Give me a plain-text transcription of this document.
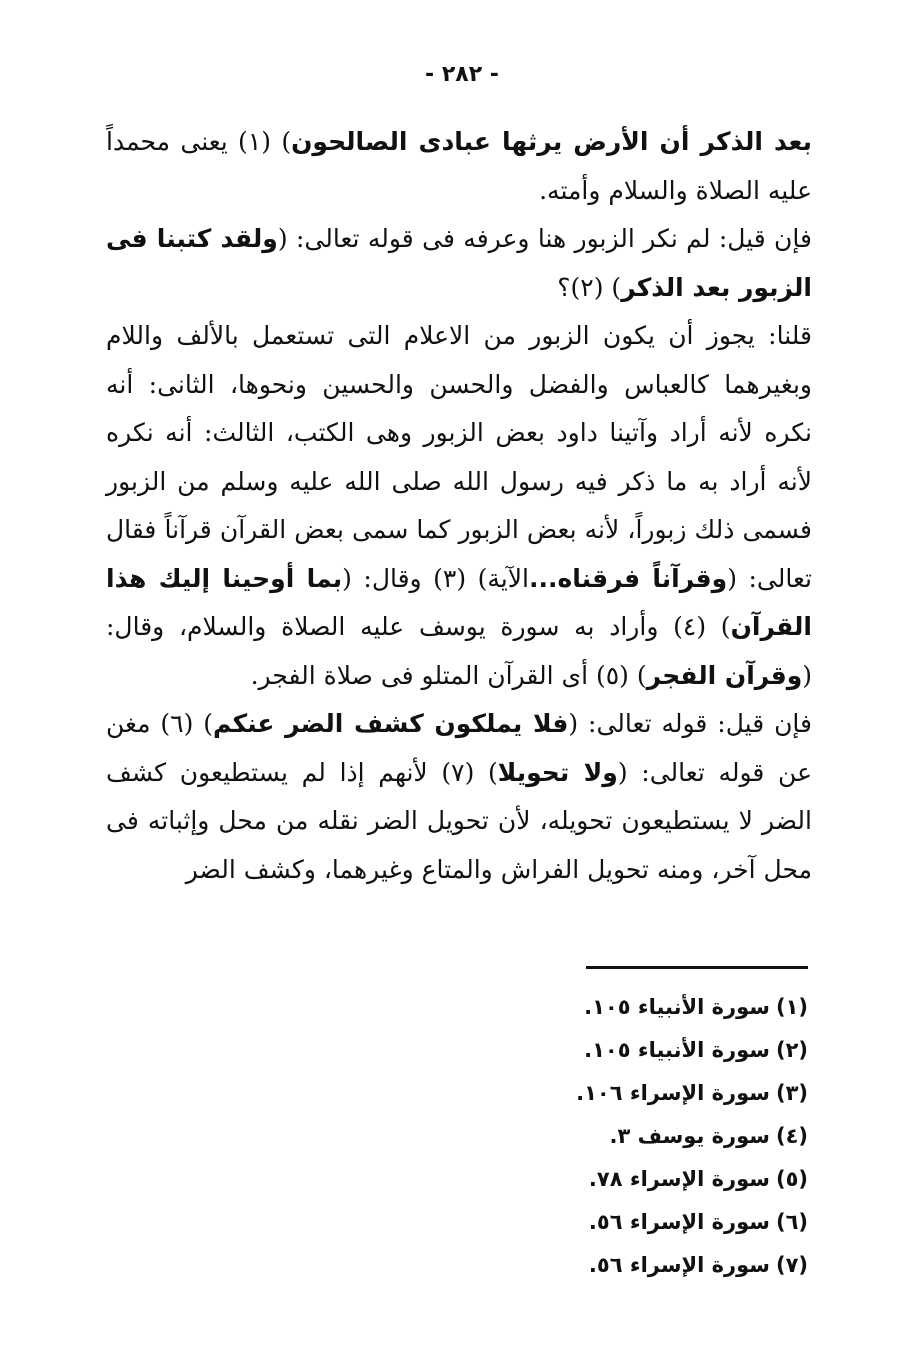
- ٢٨٢ -

بعد الذكر أن الأرض يرثها عبادى الصالحون) (١) يعنى محمداً عليه الصلاة والسلام وأمته.

فإن قيل: لم نكر الزبور هنا وعرفه فى قوله تعالى: (ولقد كتبنا فى الزبور بعد الذكر) (٢)؟

قلنا: يجوز أن يكون الزبور من الاعلام التى تستعمل بالألف واللام وبغيرهما كالعباس والفضل والحسن والحسين ونحوها، الثانى: أنه نكره لأنه أراد وآتينا داود بعض الزبور وهى الكتب، الثالث: أنه نكره لأنه أراد به ما ذكر فيه رسول الله صلى الله عليه وسلم من الزبور فسمى ذلك زبوراً، لأنه بعض الزبور كما سمى بعض القرآن قرآناً فقال تعالى: (وقرآناً فرقناه...الآية) (٣) وقال: (بما أوحينا إليك هذا القرآن) (٤) وأراد به سورة يوسف عليه الصلاة والسلام، وقال: (وقرآن الفجر) (٥) أى القرآن المتلو فى صلاة الفجر.

فإن قيل: قوله تعالى: (فلا يملكون كشف الضر عنكم) (٦) مغن عن قوله تعالى: (ولا تحويلا) (٧) لأنهم إذا لم يستطيعون كشف الضر لا يستطيعون تحويله، لأن تحويل الضر نقله من محل وإثباته فى محل آخر، ومنه تحويل الفراش والمتاع وغيرهما، وكشف الضر

(١)سورة الأنبياء ١٠٥.
(٢)سورة الأنبياء ١٠٥.
(٣)سورة الإسراء ١٠٦.
(٤)سورة يوسف ٣.
(٥)سورة الإسراء ٧٨.
(٦)سورة الإسراء ٥٦.
(٧)سورة الإسراء ٥٦.
